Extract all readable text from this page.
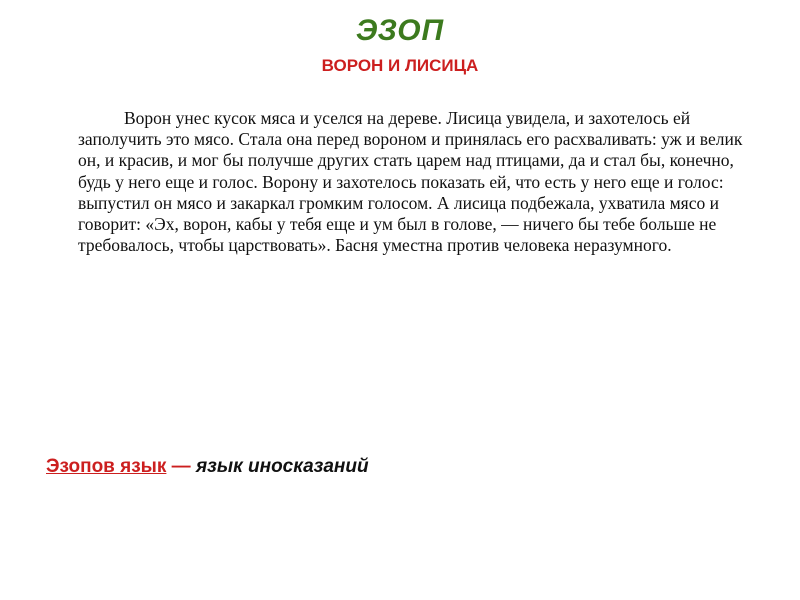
ЭЗОП
ВОРОН И ЛИСИЦА

Ворон унес кусок мяса и уселся на дереве. Лисица увидела, и захотелось ей заполучить это мясо. Стала она перед вороном и принялась его расхваливать: уж и велик он, и красив, и мог бы получше других стать царем над птицами, да и стал бы, конечно, будь у него еще и голос. Ворону и захотелось показать ей, что есть у него еще и голос: выпустил он мясо и закаркал громким голосом. А лисица подбежала, ухватила мясо и говорит: «Эх, ворон, кабы у тебя еще и ум был в голове, — ничего бы тебе больше не требовалось, чтобы царствовать». Басня уместна против человека неразумного.

Эзопов язык — язык иносказаний
